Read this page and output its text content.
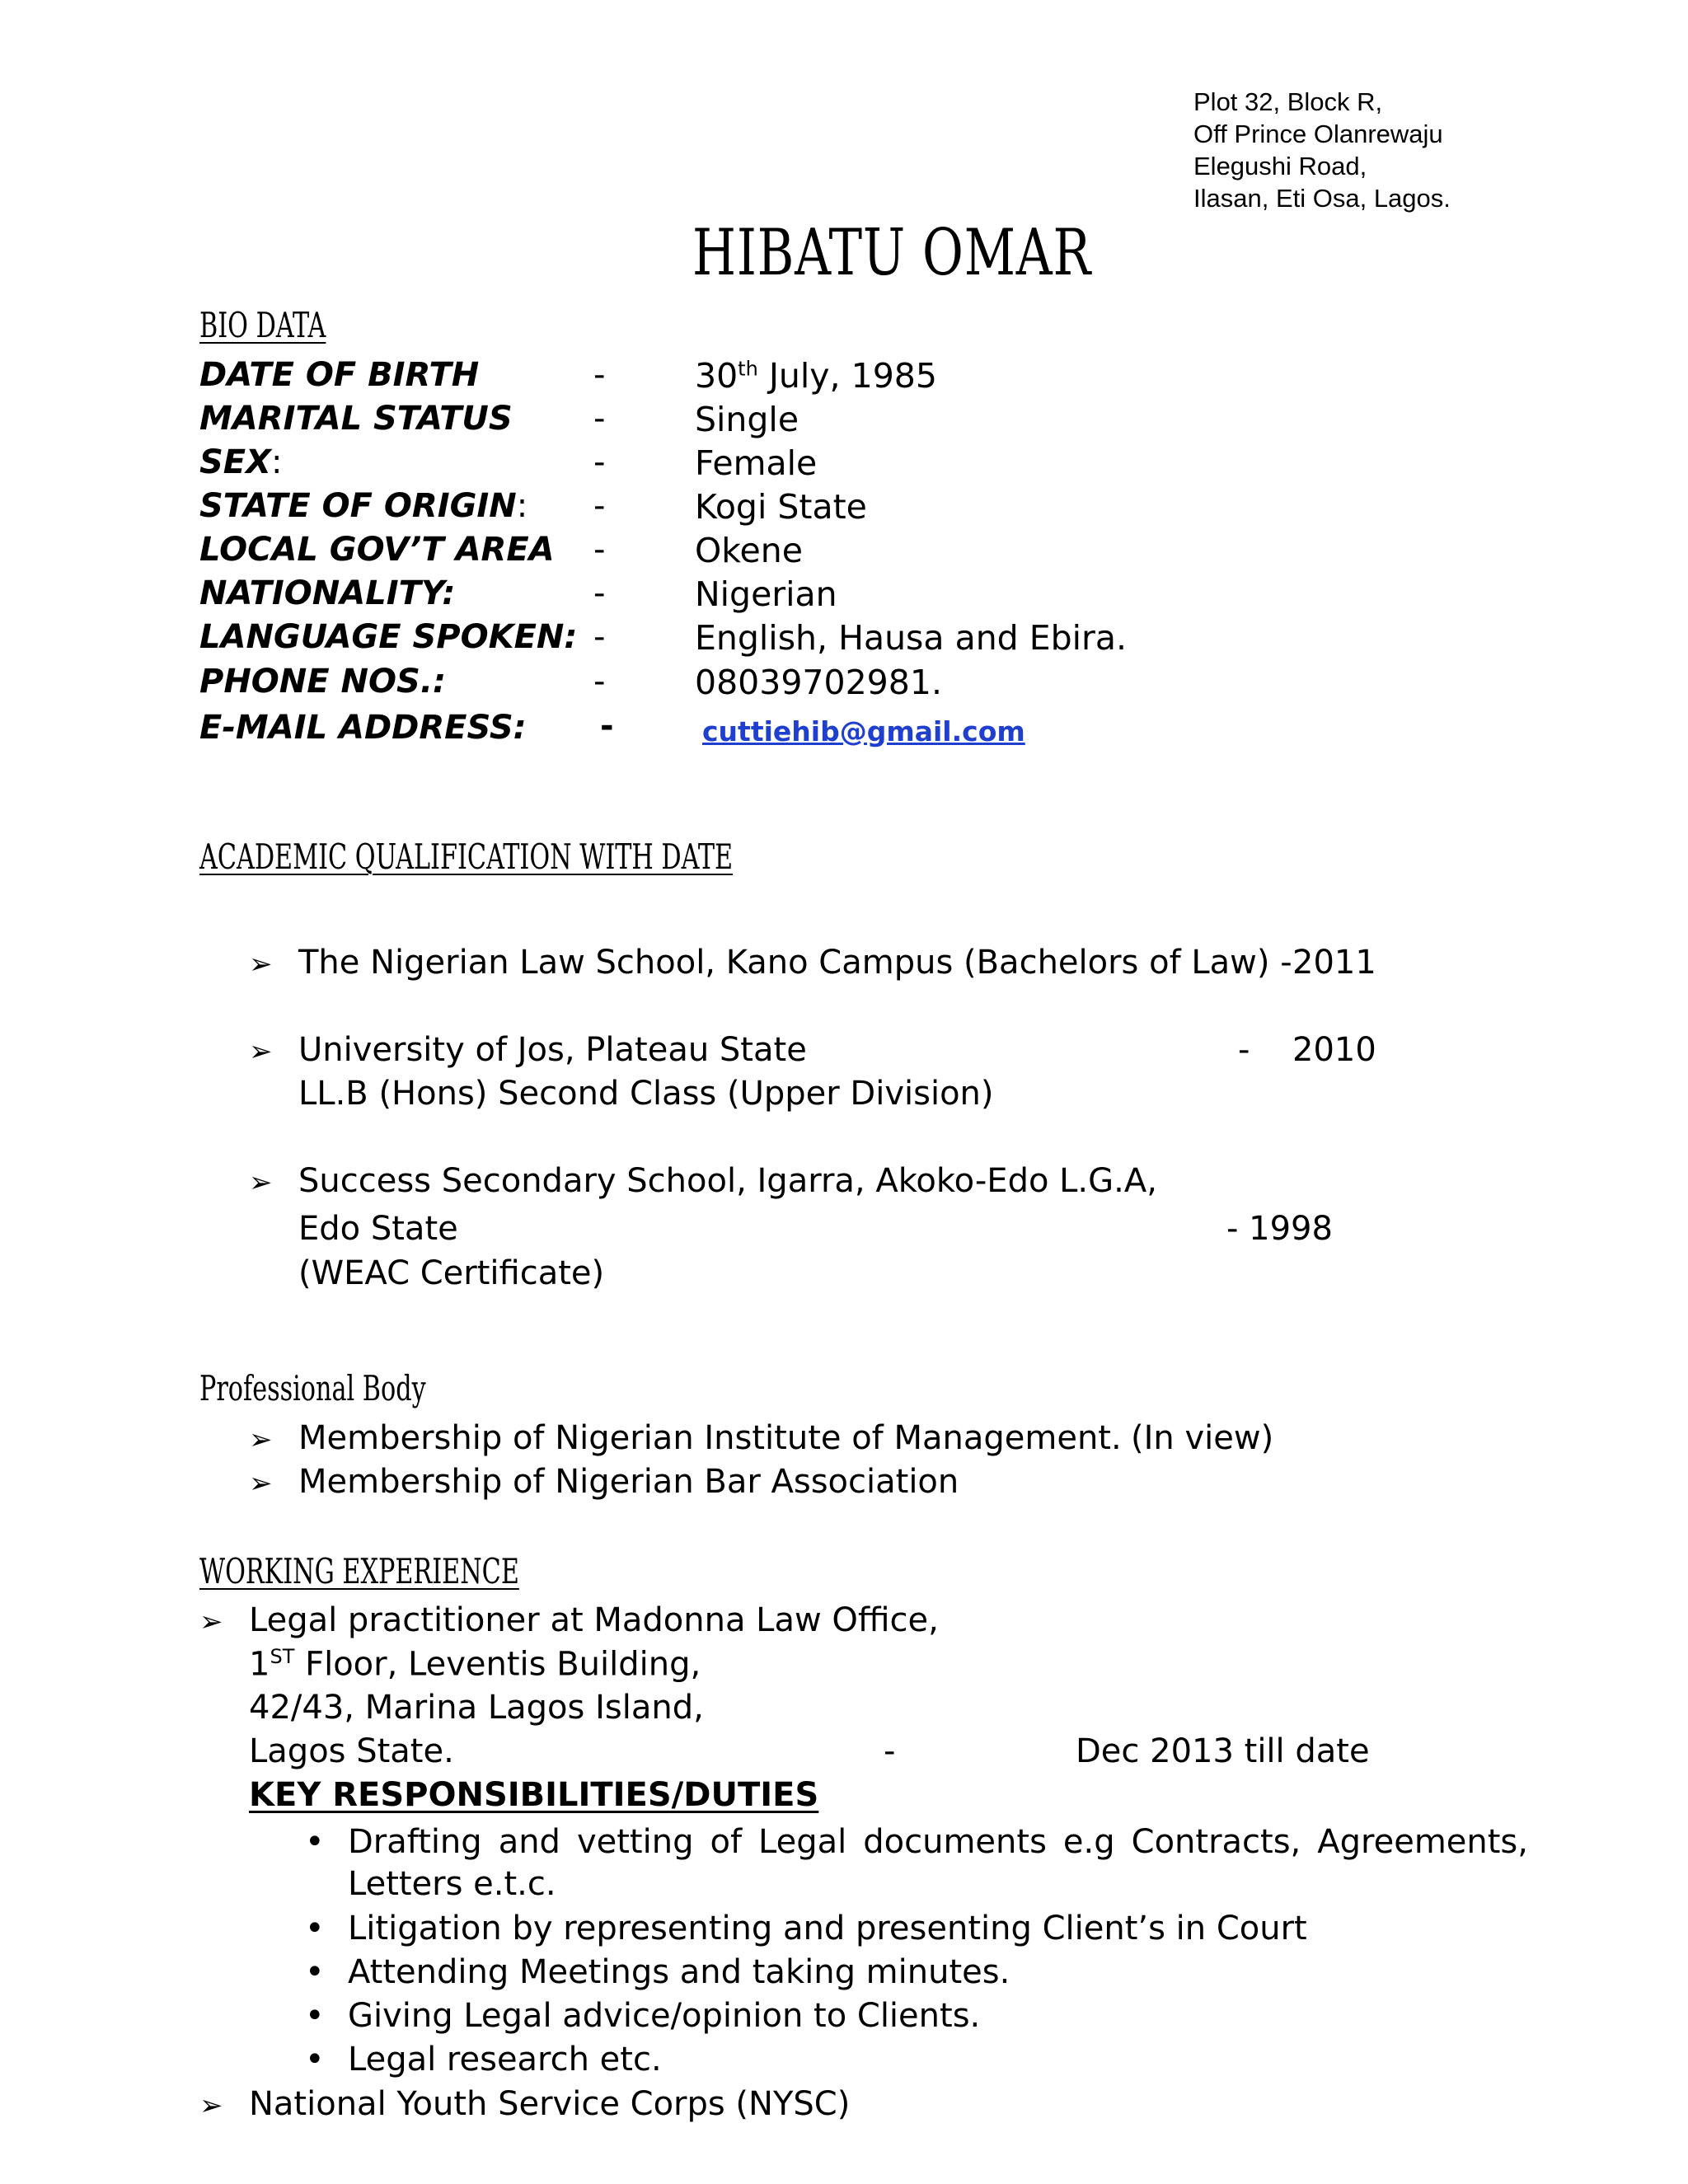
Plot 32, Block R,
Off Prince Olanrewaju
Elegushi Road,
Ilasan, Eti Osa, Lagos.
HIBATU OMAR
BIO DATA
DATE OF BIRTH	-	30th July, 1985
MARITAL STATUS -	Single
SEX:	-	Female
STATE OF ORIGIN: -	Kogi State
LOCAL GOV’T AREA -	Okene
NATIONALITY:	-	Nigerian
LANGUAGE SPOKEN: -	English, Hausa and Ebira.
PHONE NOS.:	-	08039702981.
E-MAIL ADDRESS: -	cuttiehib@gmail.com
ACADEMIC QUALIFICATION WITH DATE
➢ The Nigerian Law School, Kano Campus (Bachelors of Law) - 2011
➢ University of Jos, Plateau State	- 2010
LL.B (Hons) Second Class (Upper Division)
➢ Success Secondary School, Igarra, Akoko-Edo L.G.A,
Edo State	- 1998
(WEAC Certificate)
Professional Body
➢ Membership of Nigerian Institute of Management. (In view)
➢ Membership of Nigerian Bar Association
WORKING EXPERIENCE
➢ Legal practitioner at Madonna Law Office,
1ST Floor, Leventis Building,
42/43, Marina Lagos Island,
Lagos State.	-	Dec 2013 till date
KEY RESPONSIBILITIES/DUTIES
• Drafting and vetting of Legal documents e.g Contracts, Agreements,
Letters e.t.c.
• Litigation by representing and presenting Client’s in Court
• Attending Meetings and taking minutes.
• Giving Legal advice/opinion to Clients.
• Legal research etc.
➢ National Youth Service Corps (NYSC)
